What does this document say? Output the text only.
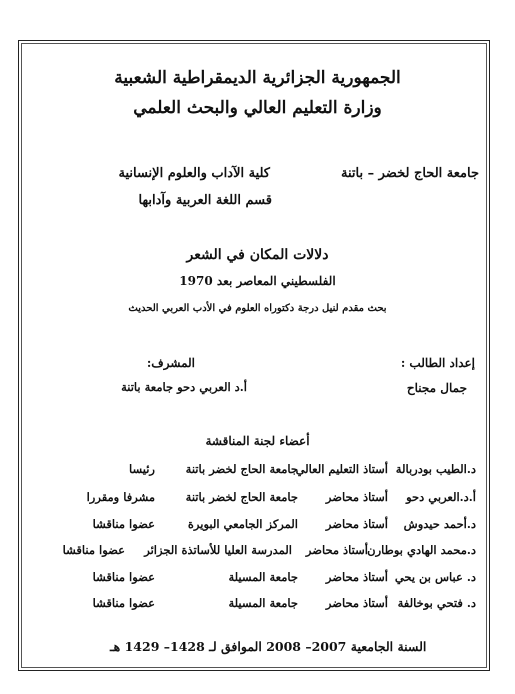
الجمهورية الجزائرية الديمقراطية الشعبية
وزارة التعليم العالي والبحث العلمي
جامعة الحاج لخضر – باتنة
كلية الآداب والعلوم الإنسانية
قسم اللغة العربية وآدابها
دلالات المكان في الشعر
الفلسطيني المعاصر بعد 1970
بحث مقدم لنيل درجة دكتوراه العلوم في الأدب العربي الحديث
إعداد الطالب :
المشرف:
جمال مجناح
أ.د العربي دحو جامعة باتنة
أعضاء لجنة المناقشة
د.الطيب بودربالة
أستاذ التعليم العالي
جامعة الحاج لخضر باتنة
رئيسا
أ.د.العربي دحو
أستاذ محاضر
جامعة الحاج لخضر باتنة
مشرفا ومقررا
د.أحمد حيدوش
أستاذ محاضر
المركز الجامعي البويرة
عضوا مناقشا
د.محمد الهادي بوطارن
أستاذ محاضر
المدرسة العليا للأساتذة الجزائر
عضوا مناقشا
د. عباس بن يحي
أستاذ محاضر
جامعة المسيلة
عضوا مناقشا
د. فتحي بوخالفة
أستاذ محاضر
جامعة المسيلة
عضوا مناقشا
السنة الجامعية 2007– 2008 الموافق لـ 1428– 1429 هـ
